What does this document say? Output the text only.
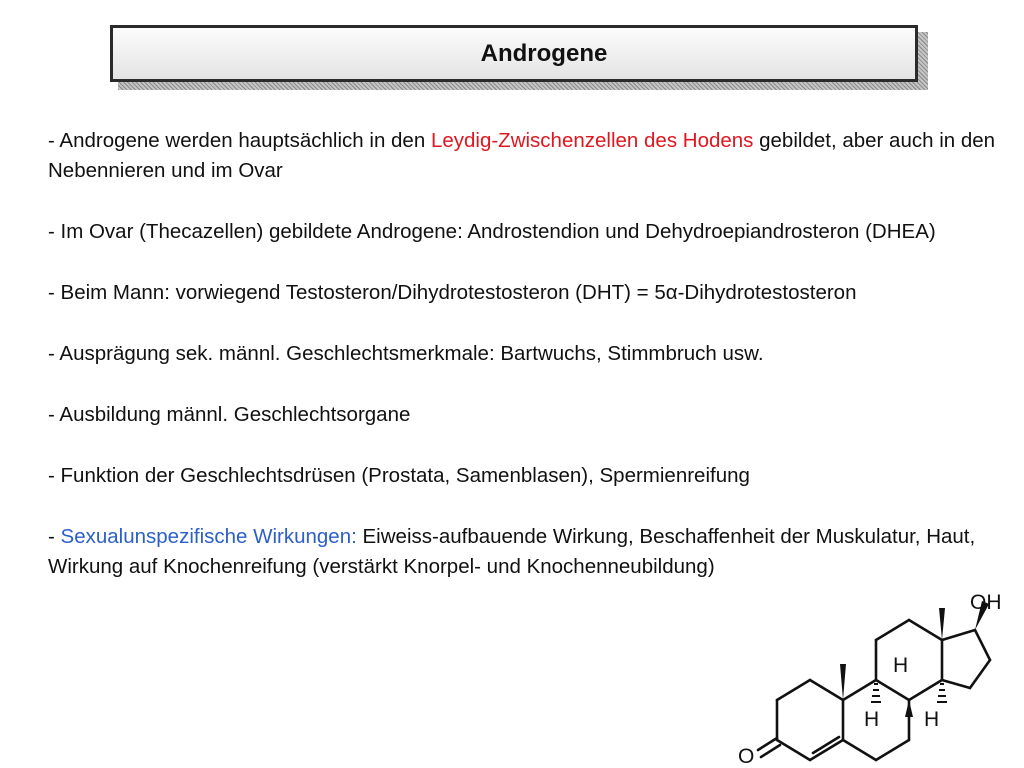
Androgene

- Androgene werden hauptsächlich in den Leydig-Zwischenzellen des Hodens gebildet, aber auch in den Nebennieren und im Ovar

- Im Ovar (Thecazellen) gebildete Androgene: Androstendion und Dehydroepiandrosteron (DHEA)

- Beim Mann: vorwiegend Testosteron/Dihydrotestosteron (DHT) = 5α-Dihydrotestosteron

- Ausprägung sek. männl. Geschlechtsmerkmale: Bartwuchs, Stimmbruch usw.

- Ausbildung männl. Geschlechtsorgane

- Funktion der Geschlechtsdrüsen (Prostata, Samenblasen), Spermienreifung

- Sexualunspezifische Wirkungen: Eiweiss-aufbauende Wirkung, Beschaffenheit der Muskulatur, Haut, Wirkung auf Knochenreifung (verstärkt Knorpel- und Knochenneubildung)

OH
O
H
H H
